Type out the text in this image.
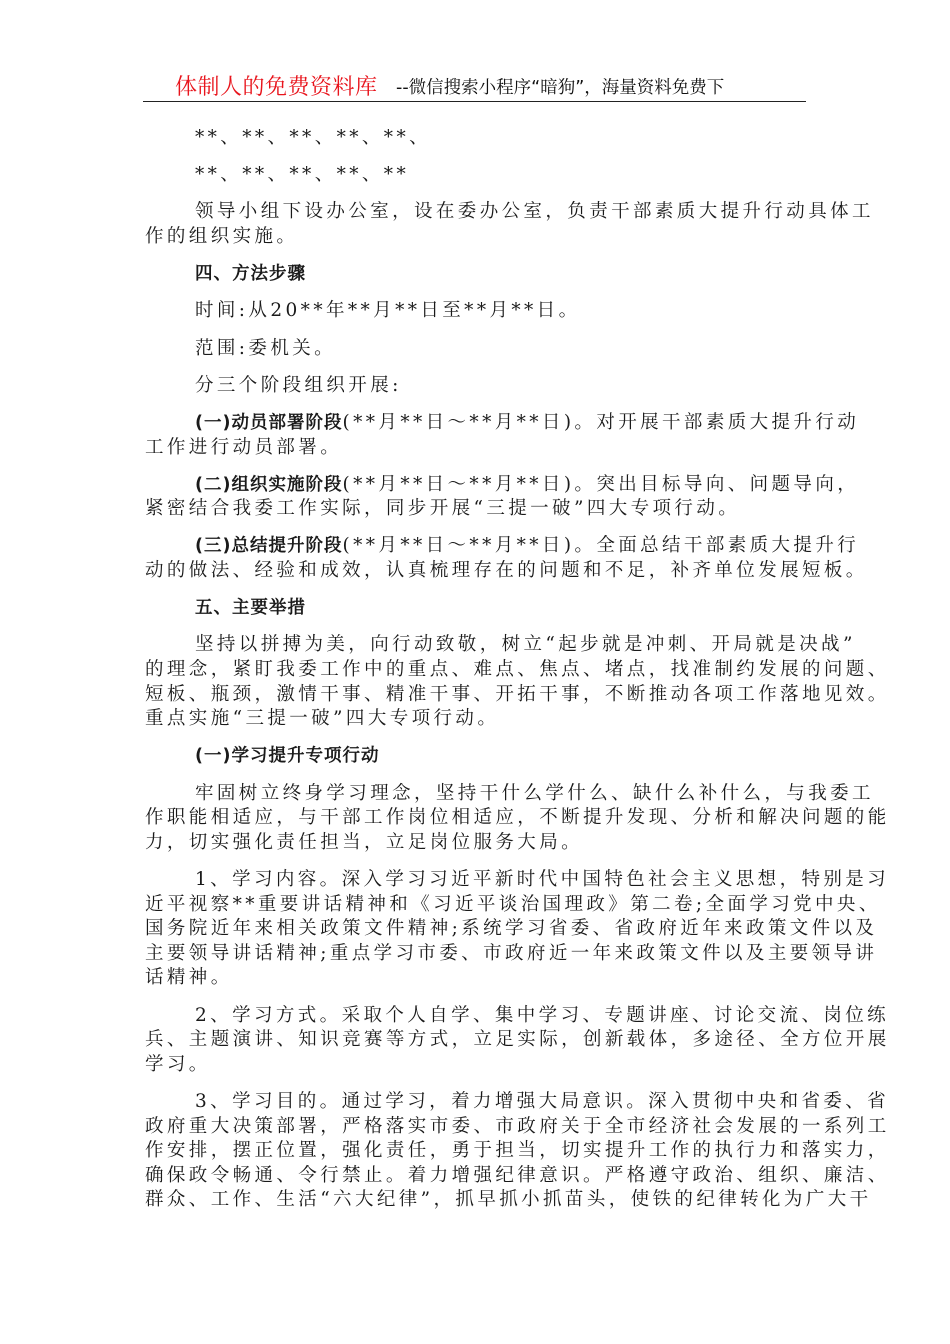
体制人的免费资料库 --微信搜索小程序“暗狗”，海量资料免费下
**、**、**、**、**、
**、**、**、**、**
领导小组下设办公室，设在委办公室，负责干部素质大提升行动具体工
作的组织实施。
四、方法步骤
时间:从20**年**月**日至**月**日。
范围:委机关。
分三个阶段组织开展:
(一)动员部署阶段(**月**日～**月**日)。对开展干部素质大提升行动
工作进行动员部署。
(二)组织实施阶段(**月**日～**月**日)。突出目标导向、问题导向，
紧密结合我委工作实际，同步开展“三提一破”四大专项行动。
(三)总结提升阶段(**月**日～**月**日)。全面总结干部素质大提升行
动的做法、经验和成效，认真梳理存在的问题和不足，补齐单位发展短板。
五、主要举措
坚持以拼搏为美，向行动致敬，树立“起步就是冲刺、开局就是决战”
的理念，紧盯我委工作中的重点、难点、焦点、堵点，找准制约发展的问题、
短板、瓶颈，激情干事、精准干事、开拓干事，不断推动各项工作落地见效。
重点实施“三提一破”四大专项行动。
(一)学习提升专项行动
牢固树立终身学习理念，坚持干什么学什么、缺什么补什么，与我委工
作职能相适应，与干部工作岗位相适应，不断提升发现、分析和解决问题的能
力，切实强化责任担当，立足岗位服务大局。
1、学习内容。深入学习习近平新时代中国特色社会主义思想，特别是习
近平视察**重要讲话精神和《习近平谈治国理政》第二卷;全面学习党中央、
国务院近年来相关政策文件精神;系统学习省委、省政府近年来政策文件以及
主要领导讲话精神;重点学习市委、市政府近一年来政策文件以及主要领导讲
话精神。
2、学习方式。采取个人自学、集中学习、专题讲座、讨论交流、岗位练
兵、主题演讲、知识竞赛等方式，立足实际，创新载体，多途径、全方位开展
学习。
3、学习目的。通过学习，着力增强大局意识。深入贯彻中央和省委、省
政府重大决策部署，严格落实市委、市政府关于全市经济社会发展的一系列工
作安排，摆正位置，强化责任，勇于担当，切实提升工作的执行力和落实力，
确保政令畅通、令行禁止。着力增强纪律意识。严格遵守政治、组织、廉洁、
群众、工作、生活“六大纪律”，抓早抓小抓苗头，使铁的纪律转化为广大干
